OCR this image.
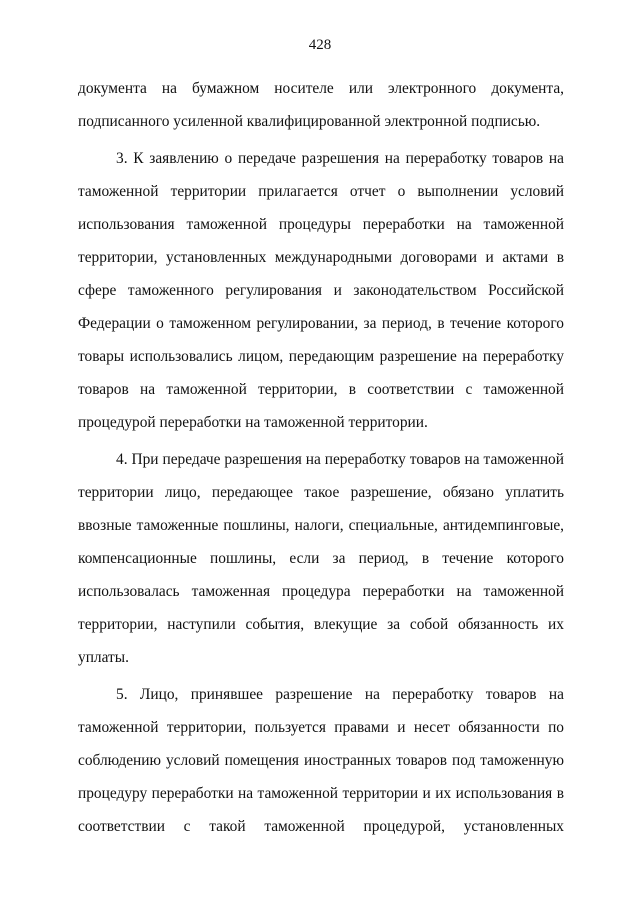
428
документа на бумажном носителе или электронного документа,
подписанного усиленной квалифицированной электронной подписью.
3. К заявлению о передаче разрешения на переработку товаров на
таможенной территории прилагается отчет о выполнении условий
использования таможенной процедуры переработки на таможенной
территории, установленных международными договорами и актами в
сфере таможенного регулирования и законодательством Российской
Федерации о таможенном регулировании, за период, в течение которого
товары использовались лицом, передающим разрешение на переработку
товаров на таможенной территории, в соответствии с таможенной
процедурой переработки на таможенной территории.
4. При передаче разрешения на переработку товаров на таможенной
территории лицо, передающее такое разрешение, обязано уплатить
ввозные таможенные пошлины, налоги, специальные, антидемпинговые,
компенсационные пошлины, если за период, в течение которого
использовалась таможенная процедура переработки на таможенной
территории, наступили события, влекущие за собой обязанность их
уплаты.
5. Лицо, принявшее разрешение на переработку товаров на
таможенной территории, пользуется правами и несет обязанности по
соблюдению условий помещения иностранных товаров под таможенную
процедуру переработки на таможенной территории и их использования в
соответствии с такой таможенной процедурой, установленных
